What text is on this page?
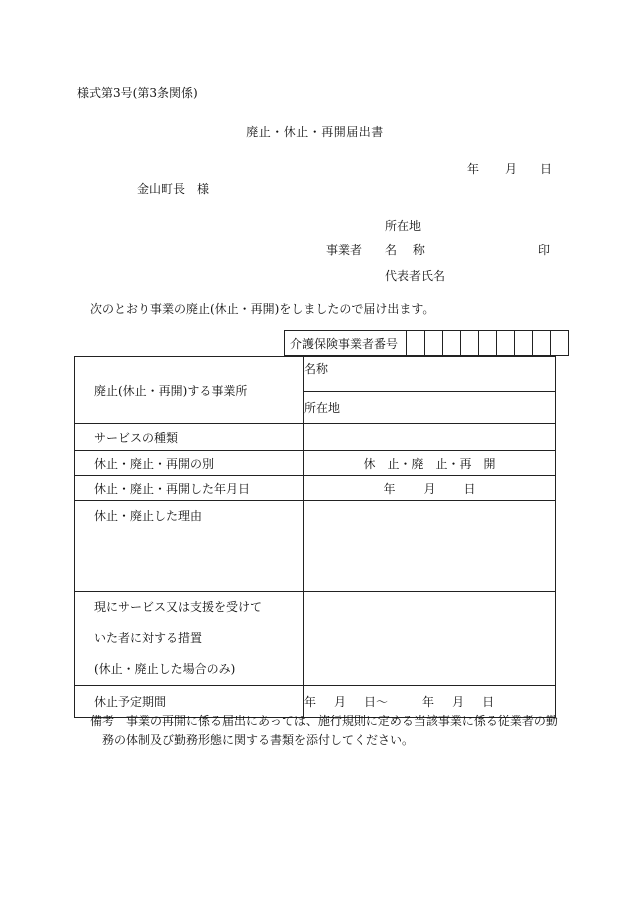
様式第3号(第3条関係)
廃止・休止・再開届出書
年 月 日
金山町長　様
所在地
事業者 名 称	印
代表者氏名
次のとおり事業の廃止(休止・再開)をしましたので届け出ます。
介護保険事業者番号									
廃止(休止・再開)する事業所	名称
	所在地
サービスの種類	
休止・廃止・再開の別	休　止・廃　止・再　開
休止・廃止・再開した年月日	年 月 日
休止・廃止した理由	

現にサービス又は支援を受けて
いた者に対する措置
(休止・廃止した場合のみ)	

休止予定期間	年 月 日〜 年 月 日
備考 事業の再開に係る届出にあっては、施行規則に定める当該事業に係る従業者の勤
務の体制及び勤務形態に関する書類を添付してください。
